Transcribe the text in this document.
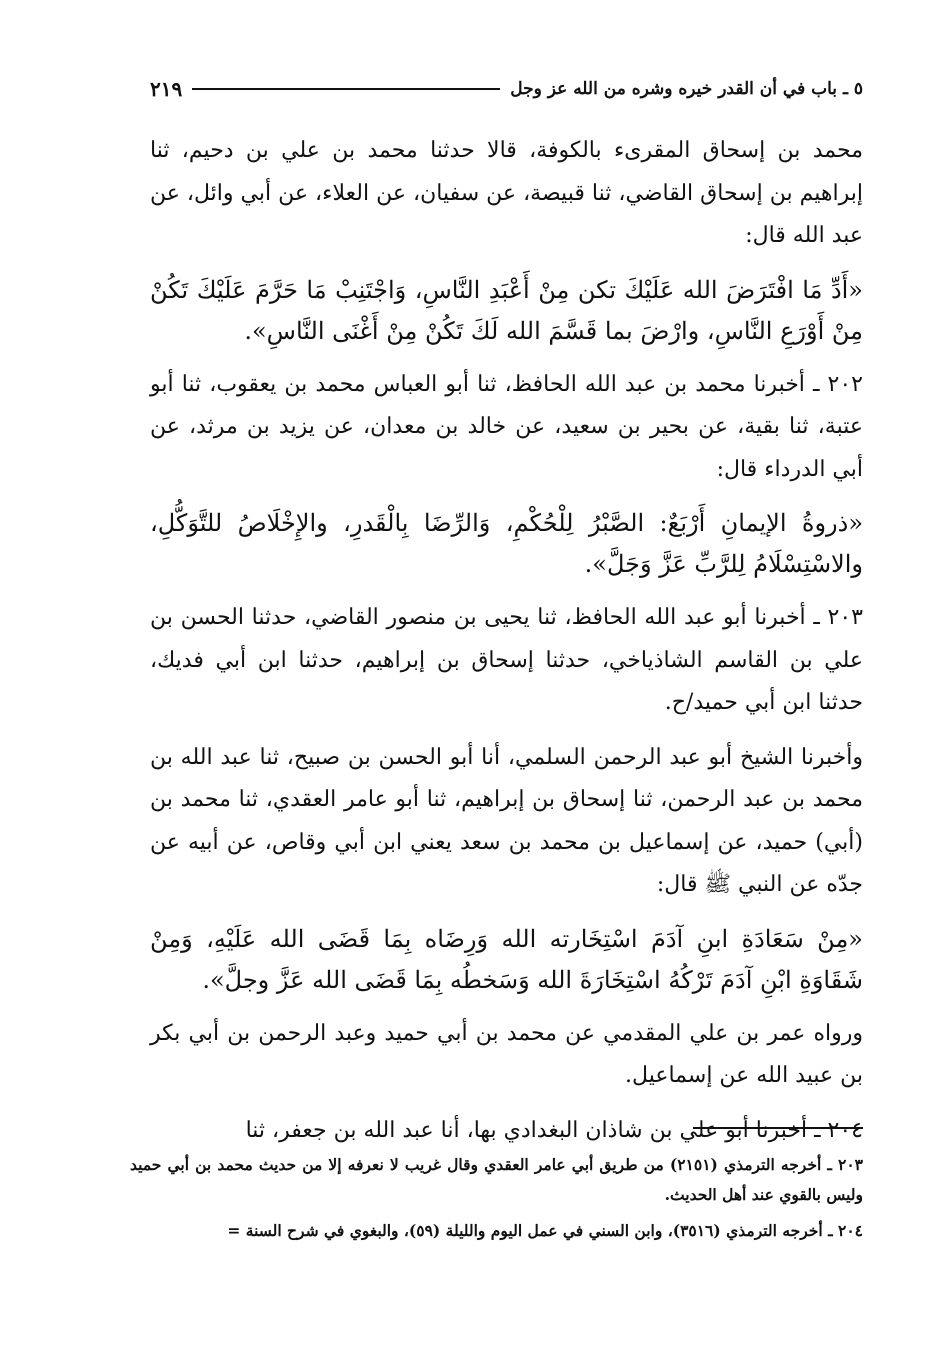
٥ ـ باب في أن القدر خيره وشره من الله عز وجل
٢١٩

محمد بن إسحاق المقرىء بالكوفة، قالا حدثنا محمد بن علي بن دحيم، ثنا إبراهيم بن إسحاق القاضي، ثنا قبيصة، عن سفيان، عن العلاء، عن أبي وائل، عن عبد الله قال:

«أَدِّ مَا افْتَرَضَ الله عَلَيْكَ تكن مِنْ أَعْبَدِ النَّاسِ، وَاجْتَنِبْ مَا حَرَّمَ عَلَيْكَ تَكُنْ مِنْ أَوْرَعِ النَّاسِ، وارْضَ بما قَسَّمَ الله لَكَ تَكُنْ مِنْ أَغْنَى النَّاسِ».

٢٠٢ ـ أخبرنا محمد بن عبد الله الحافظ، ثنا أبو العباس محمد بن يعقوب، ثنا أبو عتبة، ثنا بقية، عن بحير بن سعيد، عن خالد بن معدان، عن يزيد بن مرثد، عن أبي الدرداء قال:

«ذروةُ الإيمانِ أَرْبَعٌ: الصَّبْرُ لِلْحُكْمِ، وَالرِّضَا بِالْقَدرِ، والإِخْلَاصُ للتَّوَكُّلِ، والاسْتِسْلَامُ لِلرَّبِّ عَزَّ وَجَلَّ».

٢٠٣ ـ أخبرنا أبو عبد الله الحافظ، ثنا يحيى بن منصور القاضي، حدثنا الحسن بن علي بن القاسم الشاذياخي، حدثنا إسحاق بن إبراهيم، حدثنا ابن أبي فديك، حدثنا ابن أبي حميد/ح.

وأخبرنا الشيخ أبو عبد الرحمن السلمي، أنا أبو الحسن بن صبيح، ثنا عبد الله بن محمد بن عبد الرحمن، ثنا إسحاق بن إبراهيم، ثنا أبو عامر العقدي، ثنا محمد بن (أبي) حميد، عن إسماعيل بن محمد بن سعد يعني ابن أبي وقاص، عن أبيه عن جدّه عن النبي ﷺ قال:

«مِنْ سَعَادَةِ ابنِ آدَمَ اسْتِخَارته الله وَرِضَاه بِمَا قَضَى الله عَلَيْهِ، وَمِنْ شَقَاوَةِ ابْنِ آدَمَ تَرْكُهُ اسْتِخَارَةَ الله وَسَخطُه بِمَا قَضَى الله عَزَّ وجلَّ».

ورواه عمر بن علي المقدمي عن محمد بن أبي حميد وعبد الرحمن بن أبي بكر بن عبيد الله عن إسماعيل.

٢٠٤ ـ أخبرنا أبو علي بن شاذان البغدادي بها، أنا عبد الله بن جعفر، ثنا

٢٠٣ ـ أخرجه الترمذي (٢١٥١) من طريق أبي عامر العقدي وقال غريب لا نعرفه إلا من حديث محمد بن أبي حميد وليس بالقوي عند أهل الحديث.

٢٠٤ ـ أخرجه الترمذي (٣٥١٦)، وابن السني في عمل اليوم والليلة (٥٩)، والبغوي في شرح السنة =
